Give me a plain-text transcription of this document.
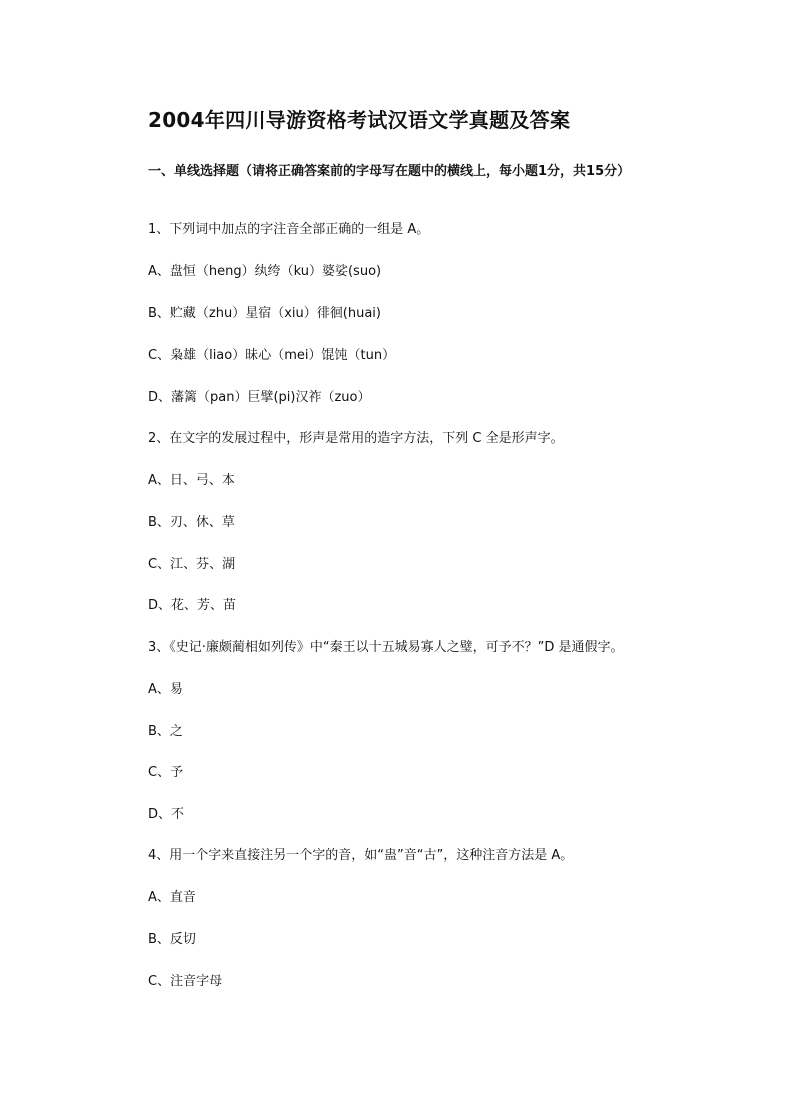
2004年四川导游资格考试汉语文学真题及答案
一、单线选择题（请将正确答案前的字母写在题中的横线上，每小题1分，共15分）
1、下列词中加点的字注音全部正确的一组是 A。
A、盘恒（heng）纨绔（ku）婆娑(suo)
B、贮藏（zhu）星宿（xiu）徘徊(huai)
C、枭雄（liao）昧心（mei）馄饨（tun）
D、藩篱（pan）巨擘(pi)汉祚（zuo）
2、在文字的发展过程中，形声是常用的造字方法，下列 C 全是形声字。
A、日、弓、本
B、刃、休、草
C、江、芬、湖
D、花、芳、苗
3、《史记·廉颇蔺相如列传》中“秦王以十五城易寡人之璧，可予不？”D 是通假字。
A、易
B、之
C、予
D、不
4、用一个字来直接注另一个字的音，如“蛊”音“古”，这种注音方法是 A。
A、直音
B、反切
C、注音字母
